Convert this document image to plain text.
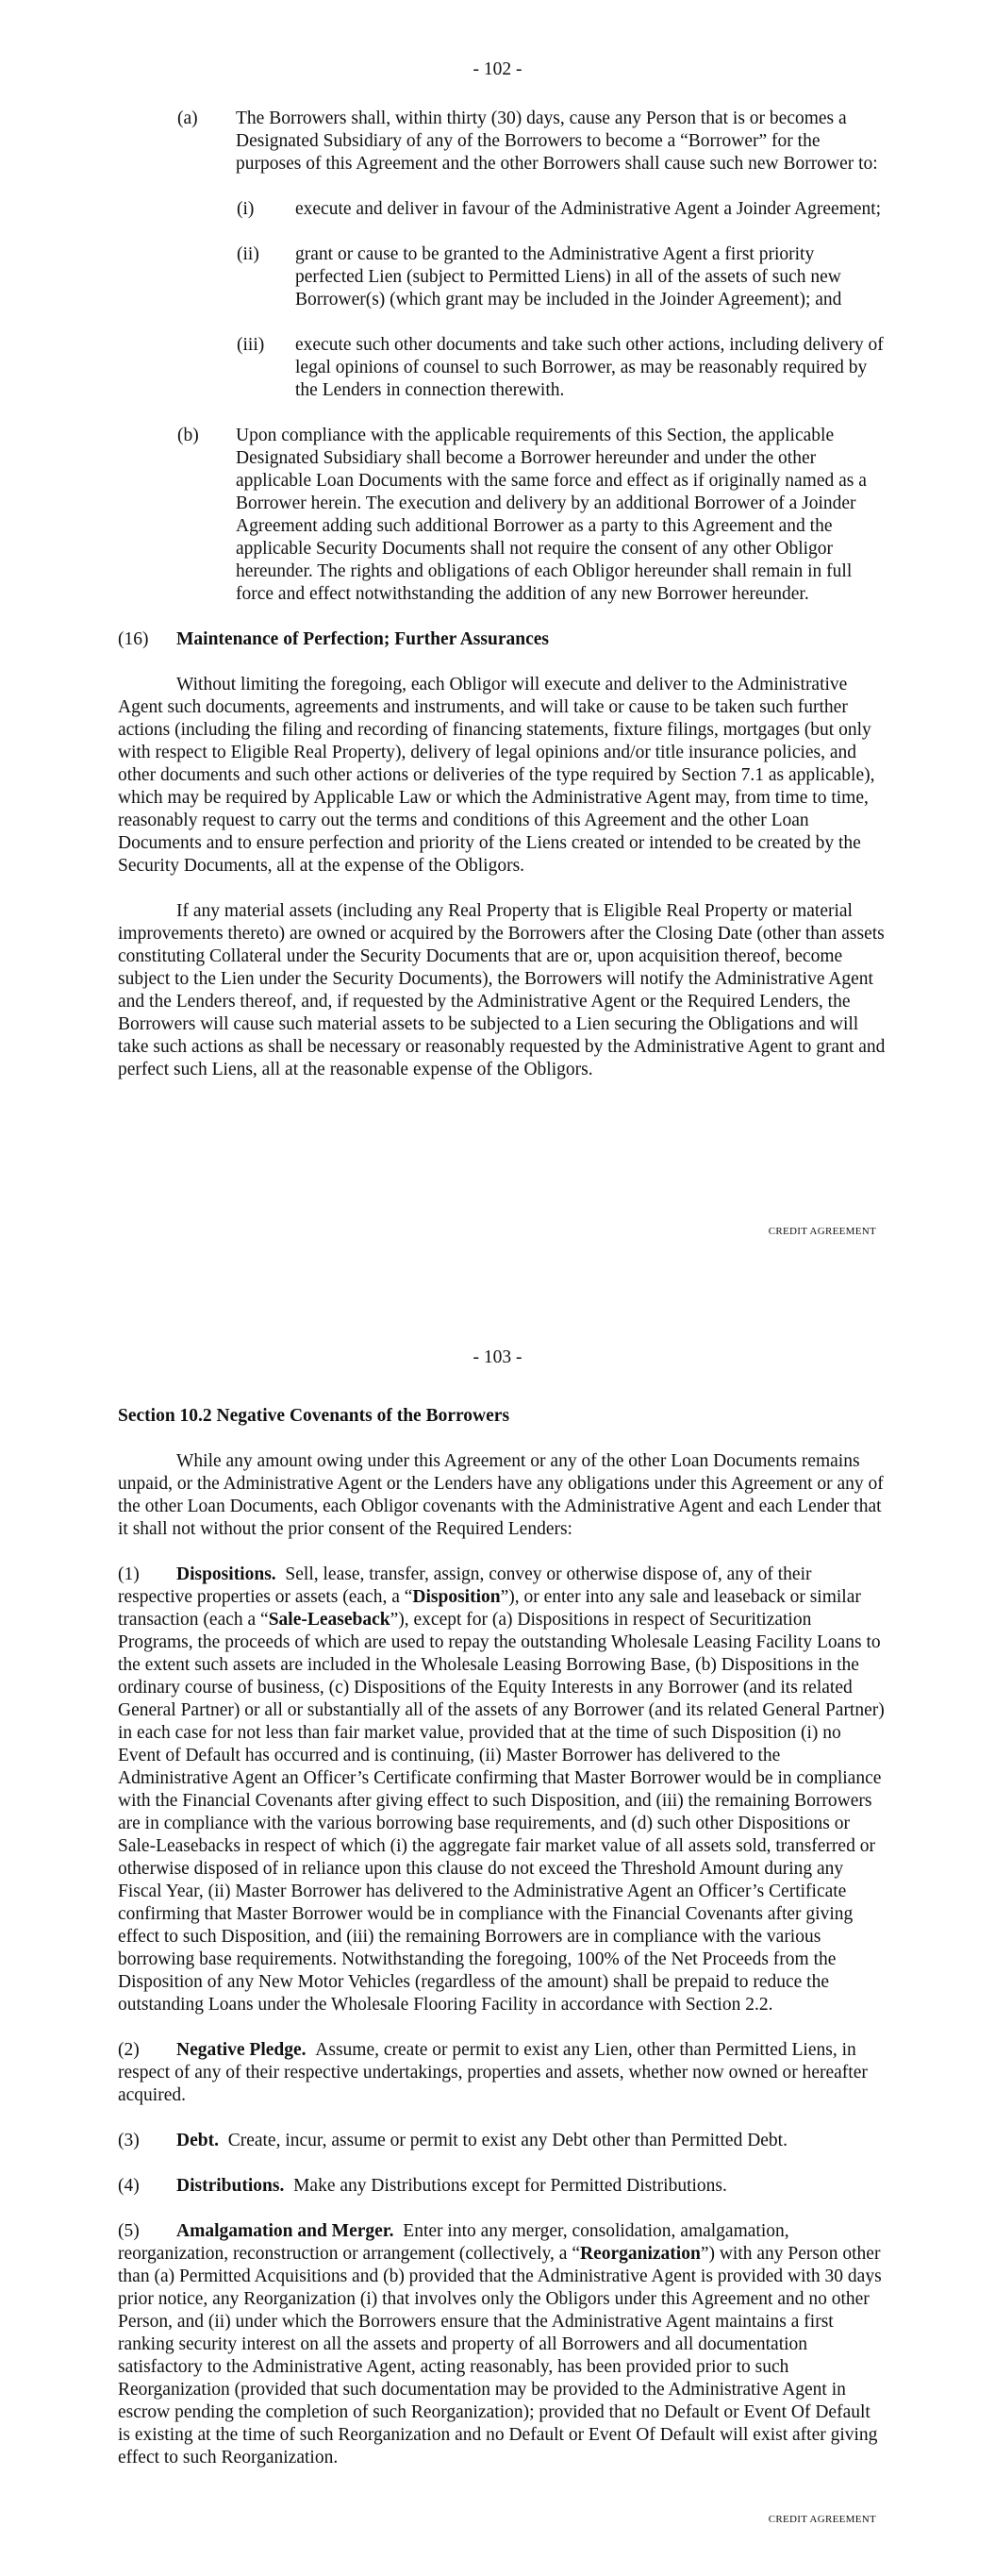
- 102 -
(a)	The Borrowers shall, within thirty (30) days, cause any Person that is or becomes a Designated Subsidiary of any of the Borrowers to become a “Borrower” for the purposes of this Agreement and the other Borrowers shall cause such new Borrower to:
(i)	execute and deliver in favour of the Administrative Agent a Joinder Agreement;
(ii)	grant or cause to be granted to the Administrative Agent a first priority perfected Lien (subject to Permitted Liens) in all of the assets of such new Borrower(s) (which grant may be included in the Joinder Agreement); and
(iii)	execute such other documents and take such other actions, including delivery of legal opinions of counsel to such Borrower, as may be reasonably required by the Lenders in connection therewith.
(b)	Upon compliance with the applicable requirements of this Section, the applicable Designated Subsidiary shall become a Borrower hereunder and under the other applicable Loan Documents with the same force and effect as if originally named as a Borrower herein. The execution and delivery by an additional Borrower of a Joinder Agreement adding such additional Borrower as a party to this Agreement and the applicable Security Documents shall not require the consent of any other Obligor hereunder. The rights and obligations of each Obligor hereunder shall remain in full force and effect notwithstanding the addition of any new Borrower hereunder.
(16)	Maintenance of Perfection; Further Assurances

Without limiting the foregoing, each Obligor will execute and deliver to the Administrative Agent such documents, agreements and instruments, and will take or cause to be taken such further actions (including the filing and recording of financing statements, fixture filings, mortgages (but only with respect to Eligible Real Property), delivery of legal opinions and/or title insurance policies, and other documents and such other actions or deliveries of the type required by Section 7.1 as applicable), which may be required by Applicable Law or which the Administrative Agent may, from time to time, reasonably request to carry out the terms and conditions of this Agreement and the other Loan Documents and to ensure perfection and priority of the Liens created or intended to be created by the Security Documents, all at the expense of the Obligors.

If any material assets (including any Real Property that is Eligible Real Property or material improvements thereto) are owned or acquired by the Borrowers after the Closing Date (other than assets constituting Collateral under the Security Documents that are or, upon acquisition thereof, become subject to the Lien under the Security Documents), the Borrowers will notify the Administrative Agent and the Lenders thereof, and, if requested by the Administrative Agent or the Required Lenders, the Borrowers will cause such material assets to be subjected to a Lien securing the Obligations and will take such actions as shall be necessary or reasonably requested by the Administrative Agent to grant and perfect such Liens, all at the reasonable expense of the Obligors.

CREDIT AGREEMENT
- 103 -

Section 10.2 Negative Covenants of the Borrowers

While any amount owing under this Agreement or any of the other Loan Documents remains unpaid, or the Administrative Agent or the Lenders have any obligations under this Agreement or any of the other Loan Documents, each Obligor covenants with the Administrative Agent and each Lender that it shall not without the prior consent of the Required Lenders:

(1) Dispositions. Sell, lease, transfer, assign, convey or otherwise dispose of, any of their respective properties or assets (each, a “Disposition”), or enter into any sale and leaseback or similar transaction (each a “Sale-Leaseback”), except for (a) Dispositions in respect of Securitization Programs, the proceeds of which are used to repay the outstanding Wholesale Leasing Facility Loans to the extent such assets are included in the Wholesale Leasing Borrowing Base, (b) Dispositions in the ordinary course of business, (c) Dispositions of the Equity Interests in any Borrower (and its related General Partner) or all or substantially all of the assets of any Borrower (and its related General Partner) in each case for not less than fair market value, provided that at the time of such Disposition (i) no Event of Default has occurred and is continuing, (ii) Master Borrower has delivered to the Administrative Agent an Officer’s Certificate confirming that Master Borrower would be in compliance with the Financial Covenants after giving effect to such Disposition, and (iii) the remaining Borrowers are in compliance with the various borrowing base requirements, and (d) such other Dispositions or Sale-Leasebacks in respect of which (i) the aggregate fair market value of all assets sold, transferred or otherwise disposed of in reliance upon this clause do not exceed the Threshold Amount during any Fiscal Year, (ii) Master Borrower has delivered to the Administrative Agent an Officer’s Certificate confirming that Master Borrower would be in compliance with the Financial Covenants after giving effect to such Disposition, and (iii) the remaining Borrowers are in compliance with the various borrowing base requirements. Notwithstanding the foregoing, 100% of the Net Proceeds from the Disposition of any New Motor Vehicles (regardless of the amount) shall be prepaid to reduce the outstanding Loans under the Wholesale Flooring Facility in accordance with Section 2.2.

(2) Negative Pledge. Assume, create or permit to exist any Lien, other than Permitted Liens, in respect of any of their respective undertakings, properties and assets, whether now owned or hereafter acquired.

(3) Debt. Create, incur, assume or permit to exist any Debt other than Permitted Debt.

(4) Distributions. Make any Distributions except for Permitted Distributions.

(5) Amalgamation and Merger. Enter into any merger, consolidation, amalgamation, reorganization, reconstruction or arrangement (collectively, a “Reorganization”) with any Person other than (a) Permitted Acquisitions and (b) provided that the Administrative Agent is provided with 30 days prior notice, any Reorganization (i) that involves only the Obligors under this Agreement and no other Person, and (ii) under which the Borrowers ensure that the Administrative Agent maintains a first ranking security interest on all the assets and property of all Borrowers and all documentation satisfactory to the Administrative Agent, acting reasonably, has been provided prior to such Reorganization (provided that such documentation may be provided to the Administrative Agent in escrow pending the completion of such Reorganization); provided that no Default or Event Of Default is existing at the time of such Reorganization and no Default or Event Of Default will exist after giving effect to such Reorganization.

CREDIT AGREEMENT
